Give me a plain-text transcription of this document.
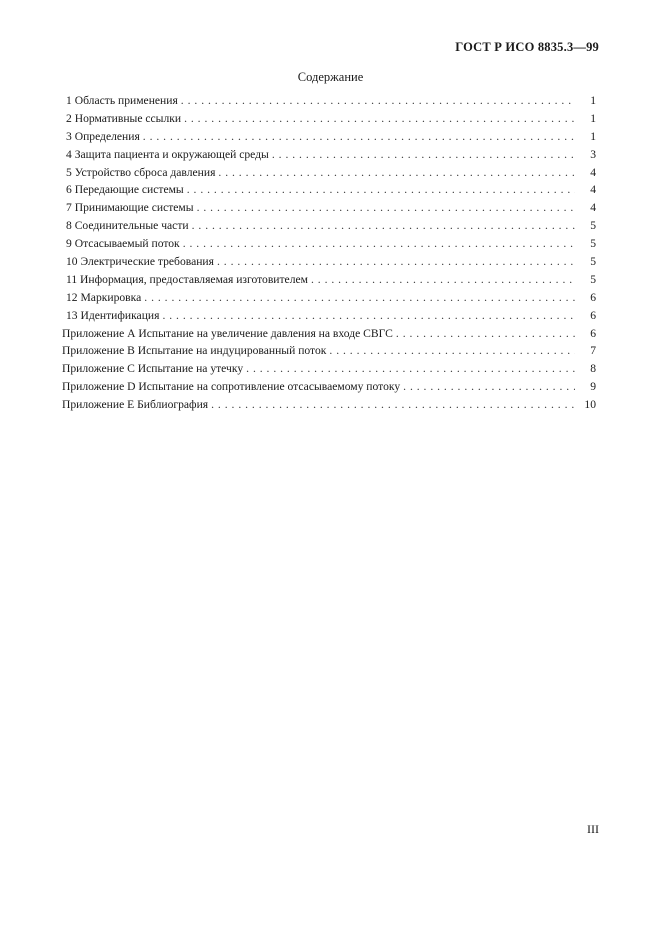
ГОСТ Р ИСО 8835.3—99
Содержание
1 Область применения . . .	1
2 Нормативные ссылки . . .	1
3 Определения . . .	1
4 Защита пациента и окружающей среды . . .	3
5 Устройство сброса давления . . .	4
6 Передающие системы . . .	4
7 Принимающие системы . . .	4
8 Соединительные части . . .	5
9 Отсасываемый поток . . .	5
10 Электрические требования . . .	5
11 Информация, предоставляемая изготовителем . . .	5
12 Маркировка . . .	6
13 Идентификация . . .	6
Приложение А Испытание на увеличение давления на входе СВГС . . .	6
Приложение В Испытание на индуцированный поток . . .	7
Приложение С Испытание на утечку . . .	8
Приложение D Испытание на сопротивление отсасываемому потоку . . .	9
Приложение Е Библиография . . .	10
III
